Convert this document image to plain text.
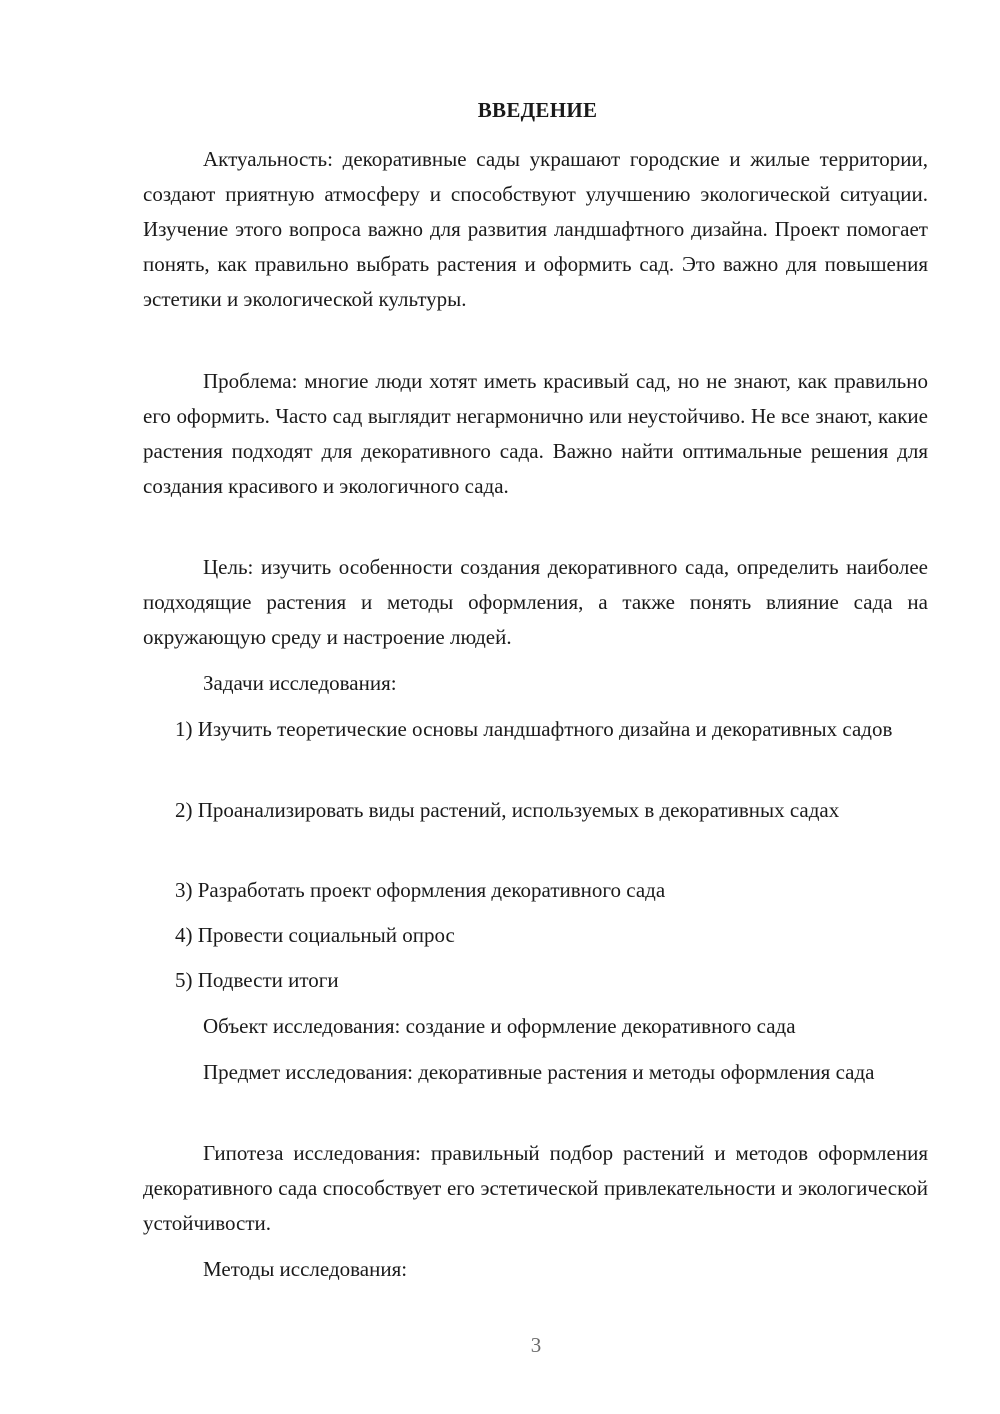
ВВЕДЕНИЕ

Актуальность: декоративные сады украшают городские и жилые территории, создают приятную атмосферу и способствуют улучшению экологической ситуации. Изучение этого вопроса важно для развития ландшафтного дизайна. Проект помогает понять, как правильно выбрать растения и оформить сад. Это важно для повышения эстетики и экологической культуры.

Проблема: многие люди хотят иметь красивый сад, но не знают, как правильно его оформить. Часто сад выглядит негармонично или неустойчиво. Не все знают, какие растения подходят для декоративного сада. Важно найти оптимальные решения для создания красивого и экологичного сада.

Цель: изучить особенности создания декоративного сада, определить наиболее подходящие растения и методы оформления, а также понять влияние сада на окружающую среду и настроение людей.

Задачи исследования:

1) Изучить теоретические основы ландшафтного дизайна и декоративных садов

2) Проанализировать виды растений, используемых в декоративных садах

3) Разработать проект оформления декоративного сада

4) Провести социальный опрос

5) Подвести итоги

Объект исследования: создание и оформление декоративного сада

Предмет исследования: декоративные растения и методы оформления сада

Гипотеза исследования: правильный подбор растений и методов оформления декоративного сада способствует его эстетической привлекательности и экологической устойчивости.

Методы исследования:

3
